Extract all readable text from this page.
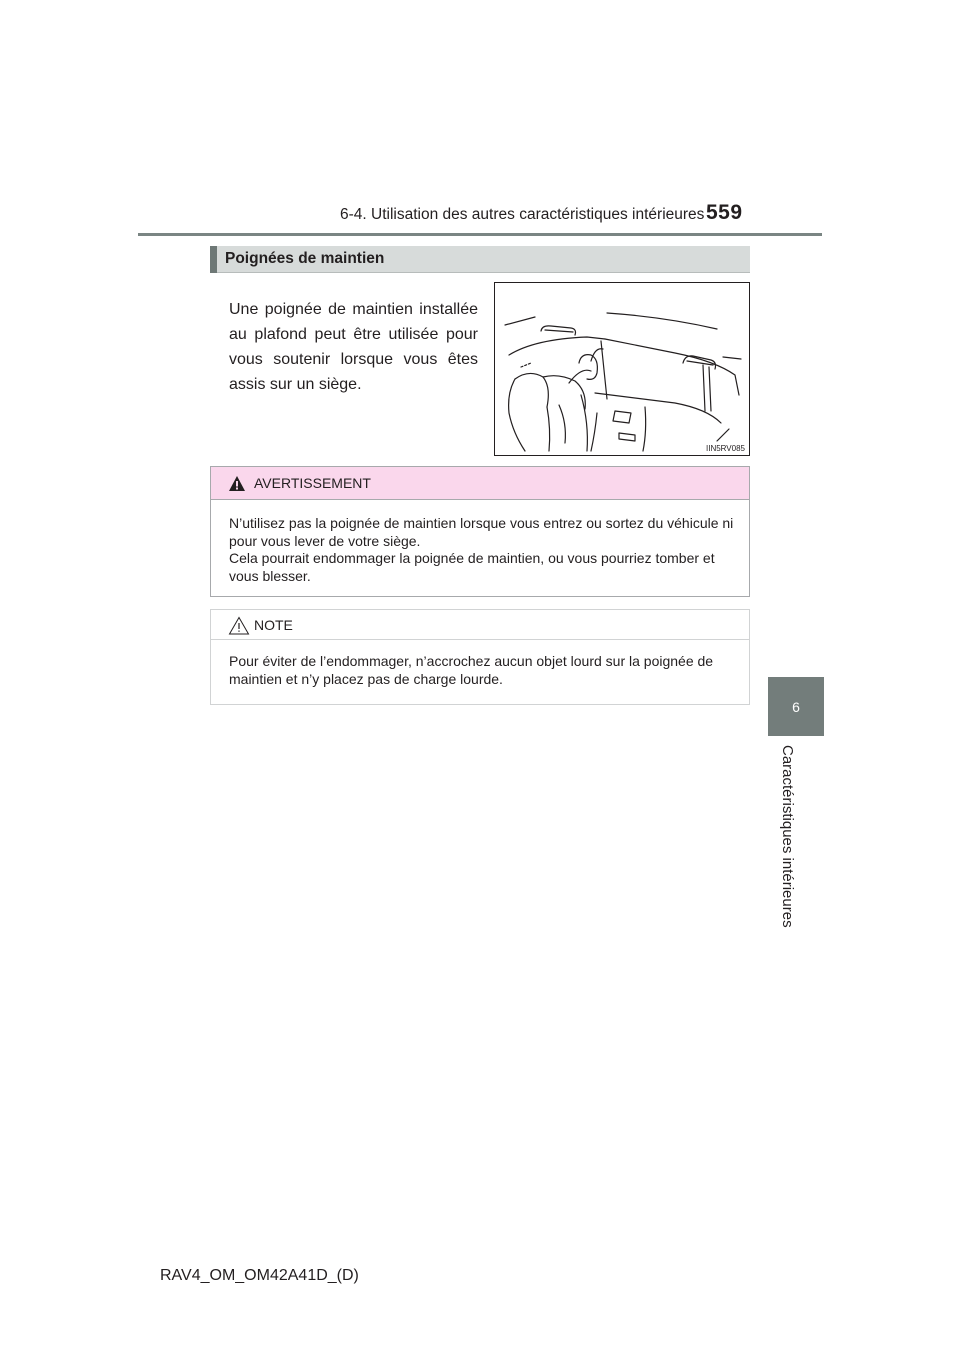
6-4. Utilisation des autres caractéristiques intérieures 559
6
Caractéristiques intérieures
Poignées de maintien
Une poignée de maintien installée au plafond peut être utilisée pour vous soutenir lorsque vous êtes assis sur un siège.
IIN5RV085
AVERTISSEMENT
N’utilisez pas la poignée de maintien lorsque vous entrez ou sortez du véhicule ni pour vous lever de votre siège.
Cela pourrait endommager la poignée de maintien, ou vous pourriez tomber et vous blesser.
NOTE
Pour éviter de l’endommager, n’accrochez aucun objet lourd sur la poignée de maintien et n’y placez pas de charge lourde.
RAV4_OM_OM42A41D_(D)
